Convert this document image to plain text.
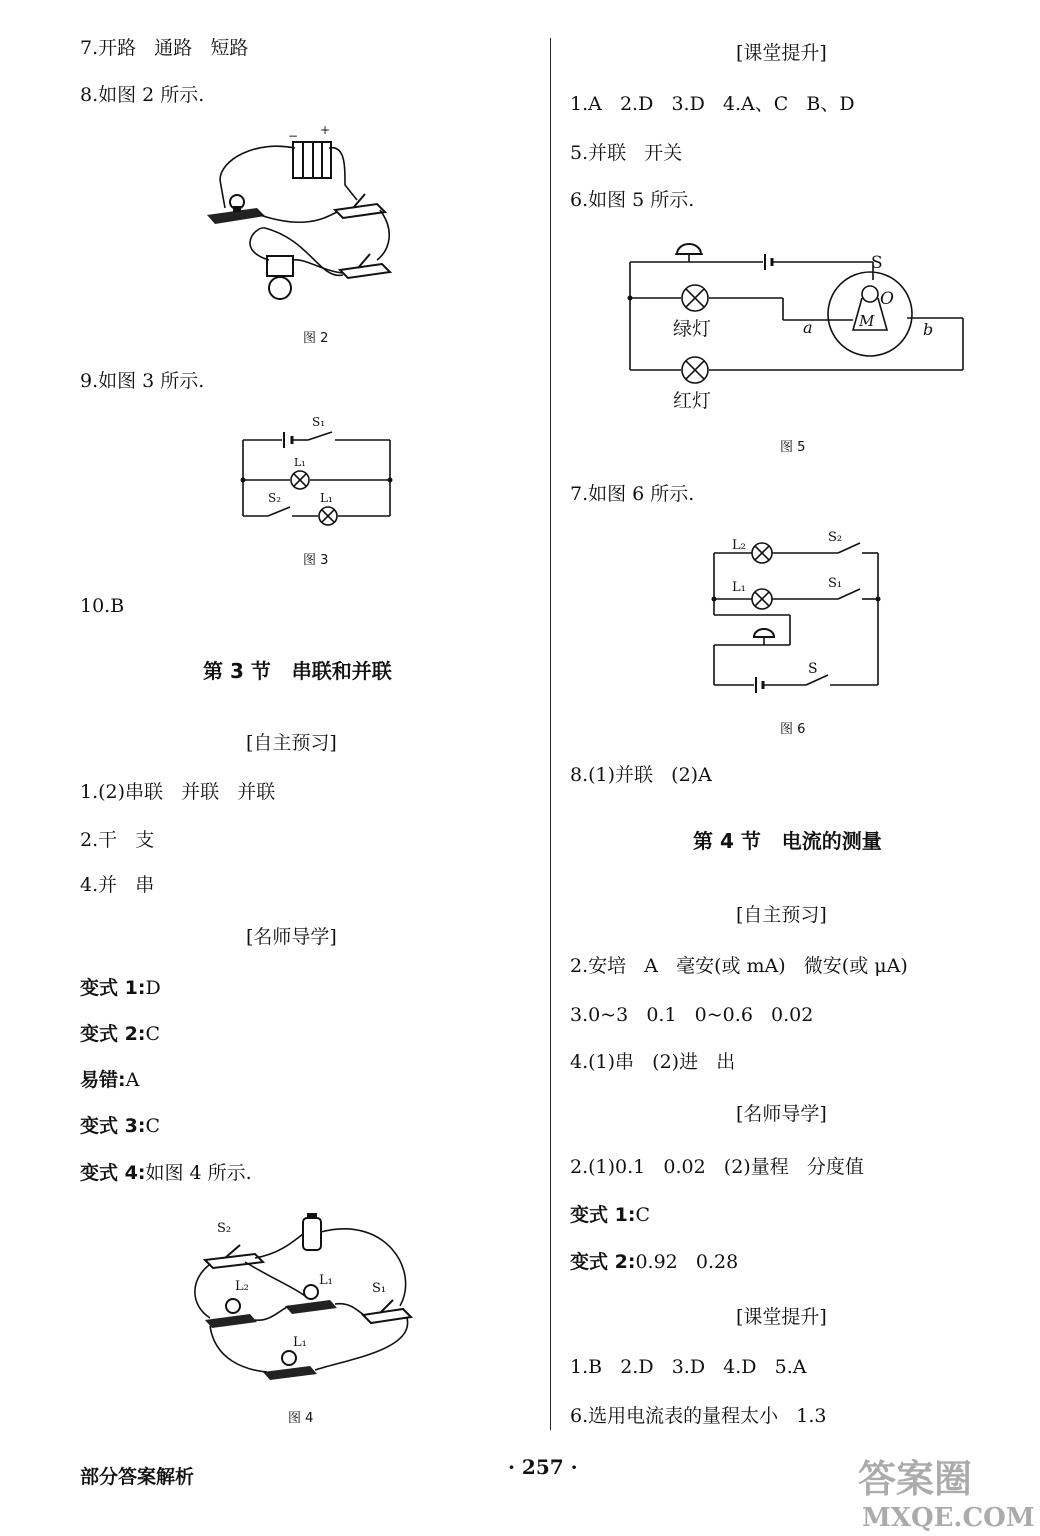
7.开路   通路   短路
8.如图 2 所示.
− +
图 2
9.如图 3 所示.
S₁
L₁
S₂	L₁
图 3
10.B
第 3 节   串联和并联
[自主预习]
1.(2)串联   并联   并联
2.干   支
4.并   串
[名师导学]
变式 1:D
变式 2:C
易错:A
变式 3:C
变式 4:如图 4 所示.
S₂
L₂	L₁
S₁
L₁
图 4
[课堂提升]
1.A   2.D   3.D   4.A、C   B、D
5.并联   开关
6.如图 5 所示.
S
O
M
a	b
绿灯
红灯
图 5
7.如图 6 所示.
L₂
S₂
L₁	S₁
S
图 6
8.(1)并联   (2)A
第 4 节   电流的测量
[自主预习]
2.安培   A   毫安(或 mA)   微安(或 μA)
3.0~3   0.1   0~0.6   0.02
4.(1)串   (2)进   出
[名师导学]
2.(1)0.1   0.02   (2)量程   分度值
变式 1:C
变式 2:0.92   0.28
[课堂提升]
1.B   2.D   3.D   4.D   5.A
6.选用电流表的量程太小   1.3
部分答案解析	· 257 ·	答案圈
MXQE.COM
